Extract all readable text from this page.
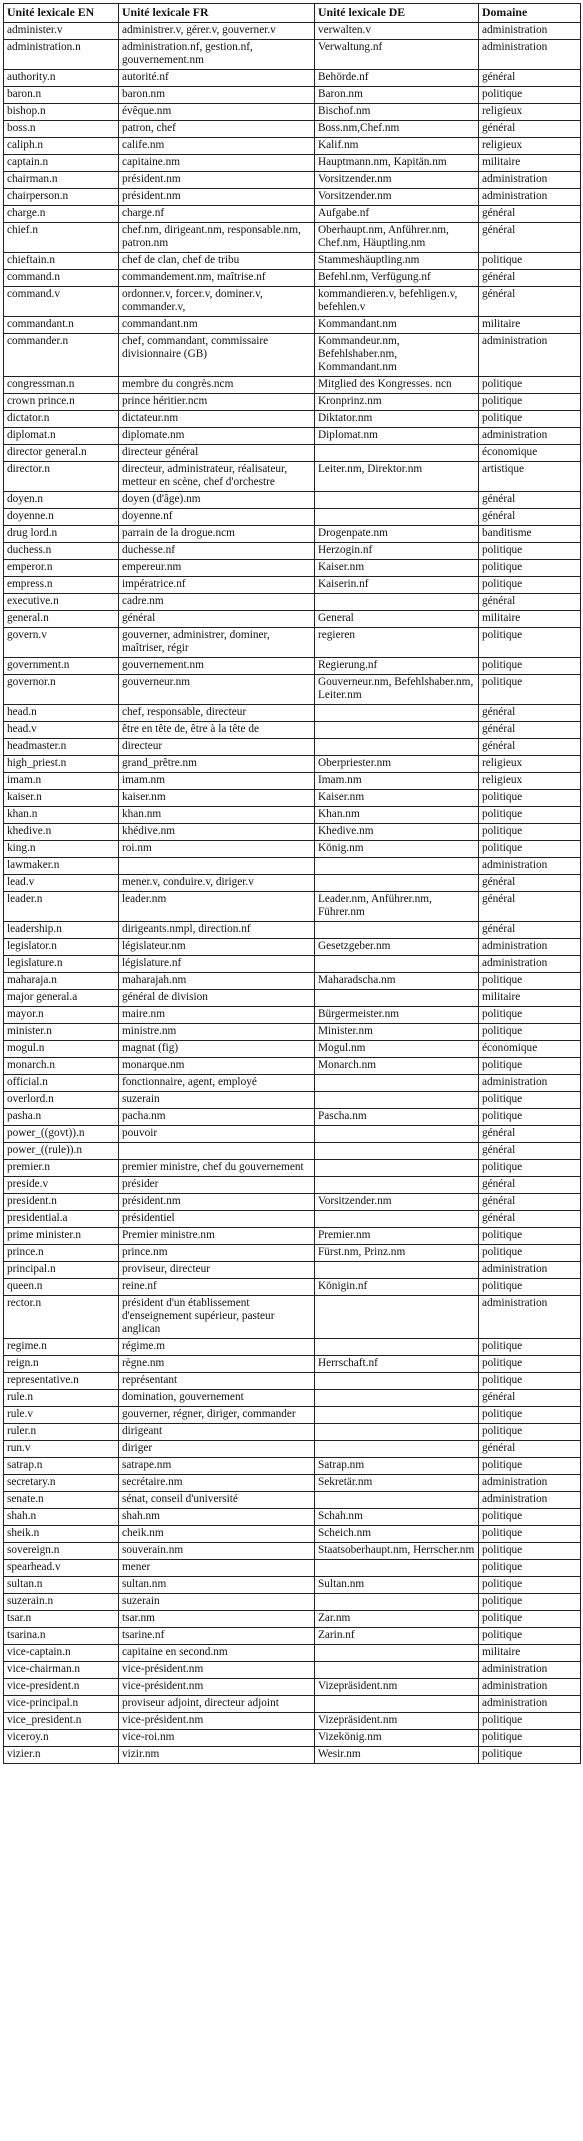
Unité lexicale EN	Unité lexicale FR	Unité lexicale DE	Domaine
administer.v	administrer.v, gérer.v, gouverner.v	verwalten.v	administration
administration.n	administration.nf, gestion.nf, gouvernement.nm	Verwaltung.nf	administration
authority.n	autorité.nf	Behörde.nf	général
baron.n	baron.nm	Baron.nm	politique
bishop.n	évêque.nm	Bischof.nm	religieux
boss.n	patron, chef	Boss.nm,Chef.nm	général
caliph.n	calife.nm	Kalif.nm	religieux
captain.n	capitaine.nm	Hauptmann.nm, Kapitän.nm	militaire
chairman.n	président.nm	Vorsitzender.nm	administration
chairperson.n	président.nm	Vorsitzender.nm	administration
charge.n	charge.nf	Aufgabe.nf	général
chief.n	chef.nm, dirigeant.nm, responsable.nm, patron.nm	Oberhaupt.nm, Anführer.nm, Chef.nm, Häuptling.nm	général
chieftain.n	chef de clan, chef de tribu	Stammeshäuptling.nm	politique
command.n	commandement.nm, maîtrise.nf	Befehl.nm, Verfügung.nf	général
command.v	ordonner.v, forcer.v, dominer.v, commander.v,	kommandieren.v, befehligen.v, befehlen.v	général
commandant.n	commandant.nm	Kommandant.nm	militaire
commander.n	chef, commandant, commissaire divisionnaire (GB)	Kommandeur.nm, Befehlshaber.nm, Kommandant.nm	administration
congressman.n	membre du congrès.ncm	Mitglied des Kongresses. ncn	politique
crown prince.n	prince héritier.ncm	Kronprinz.nm	politique
dictator.n	dictateur.nm	Diktator.nm	politique
diplomat.n	diplomate.nm	Diplomat.nm	administration
director general.n	directeur général		économique
director.n	directeur, administrateur, réalisateur, metteur en scène, chef d'orchestre	Leiter.nm, Direktor.nm	artistique
doyen.n	doyen (d'âge).nm		général
doyenne.n	doyenne.nf		général
drug lord.n	parrain de la drogue.ncm	Drogenpate.nm	banditisme
duchess.n	duchesse.nf	Herzogin.nf	politique
emperor.n	empereur.nm	Kaiser.nm	politique
empress.n	impératrice.nf	Kaiserin.nf	politique
executive.n	cadre.nm		général
general.n	général	General	militaire
govern.v	gouverner, administrer, dominer, maîtriser, régir	regieren	politique
government.n	gouvernement.nm	Regierung.nf	politique
governor.n	gouverneur.nm	Gouverneur.nm, Befehlshaber.nm, Leiter.nm	politique
head.n	chef, responsable, directeur		général
head.v	être en tête de, être à la tête de		général
headmaster.n	directeur		général
high_priest.n	grand_prêtre.nm	Oberpriester.nm	religieux
imam.n	imam.nm	Imam.nm	religieux
kaiser.n	kaiser.nm	Kaiser.nm	politique
khan.n	khan.nm	Khan.nm	politique
khedive.n	khédive.nm	Khedive.nm	politique
king.n	roi.nm	König.nm	politique
lawmaker.n			administration
lead.v	mener.v, conduire.v, diriger.v		général
leader.n	leader.nm	Leader.nm, Anführer.nm, Führer.nm	général
leadership.n	dirigeants.nmpl, direction.nf		général
legislator.n	législateur.nm	Gesetzgeber.nm	administration
legislature.n	législature.nf		administration
maharaja.n	maharajah.nm	Maharadscha.nm	politique
major general.a	général de division		militaire
mayor.n	maire.nm	Bürgermeister.nm	politique
minister.n	ministre.nm	Minister.nm	politique
mogul.n	magnat (fig)	Mogul.nm	économique
monarch.n	monarque.nm	Monarch.nm	politique
official.n	fonctionnaire, agent, employé		administration
overlord.n	suzerain		politique
pasha.n	pacha.nm	Pascha.nm	politique
power_((govt)).n	pouvoir		général
power_((rule)).n			général
premier.n	premier ministre, chef du gouvernement		politique
preside.v	présider		général
president.n	président.nm	Vorsitzender.nm	général
presidential.a	présidentiel		général
prime minister.n	Premier ministre.nm	Premier.nm	politique
prince.n	prince.nm	Fürst.nm, Prinz.nm	politique
principal.n	proviseur, directeur		administration
queen.n	reine.nf	Königin.nf	politique
rector.n	président d'un établissement d'enseignement supérieur, pasteur anglican		administration
regime.n	régime.m		politique
reign.n	règne.nm	Herrschaft.nf	politique
representative.n	représentant		politique
rule.n	domination, gouvernement		général
rule.v	gouverner, régner, diriger, commander		politique
ruler.n	dirigeant		politique
run.v	diriger		général
satrap.n	satrape.nm	Satrap.nm	politique
secretary.n	secrétaire.nm	Sekretär.nm	administration
senate.n	sénat, conseil d'université		administration
shah.n	shah.nm	Schah.nm	politique
sheik.n	cheik.nm	Scheich.nm	politique
sovereign.n	souverain.nm	Staatsoberhaupt.nm, Herrscher.nm	politique
spearhead.v	mener		politique
sultan.n	sultan.nm	Sultan.nm	politique
suzerain.n	suzerain		politique
tsar.n	tsar.nm	Zar.nm	politique
tsarina.n	tsarine.nf	Zarin.nf	politique
vice-captain.n	capitaine en second.nm		militaire
vice-chairman.n	vice-président.nm		administration
vice-president.n	vice-président.nm	Vizepräsident.nm	administration
vice-principal.n	proviseur adjoint, directeur adjoint		administration
vice_president.n	vice-président.nm	Vizepräsident.nm	politique
viceroy.n	vice-roi.nm	Vizekönig.nm	politique
vizier.n	vizir.nm	Wesir.nm	politique
